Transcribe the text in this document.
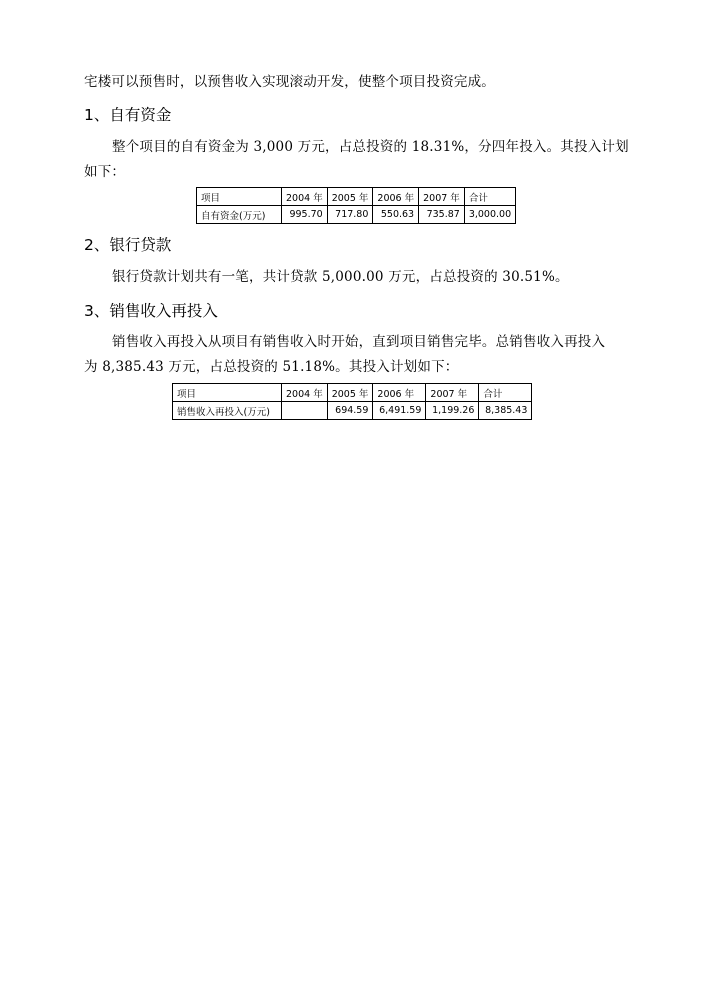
宅楼可以预售时，以预售收入实现滚动开发，使整个项目投资完成。
1、自有资金
整个项目的自有资金为 3,000 万元，占总投资的 18.31%，分四年投入。其投入计划
如下：
项目	2004 年	2005 年	2006 年	2007 年	合计
自有资金(万元)	995.70	717.80	550.63	735.87	3,000.00
2、银行贷款
银行贷款计划共有一笔，共计贷款 5,000.00 万元，占总投资的 30.51%。
3、销售收入再投入
销售收入再投入从项目有销售收入时开始，直到项目销售完毕。总销售收入再投入
为 8,385.43 万元，占总投资的 51.18%。其投入计划如下：
项目	2004 年	2005 年	2006 年	2007 年	合计
销售收入再投入(万元)		694.59	6,491.59	1,199.26	8,385.43
